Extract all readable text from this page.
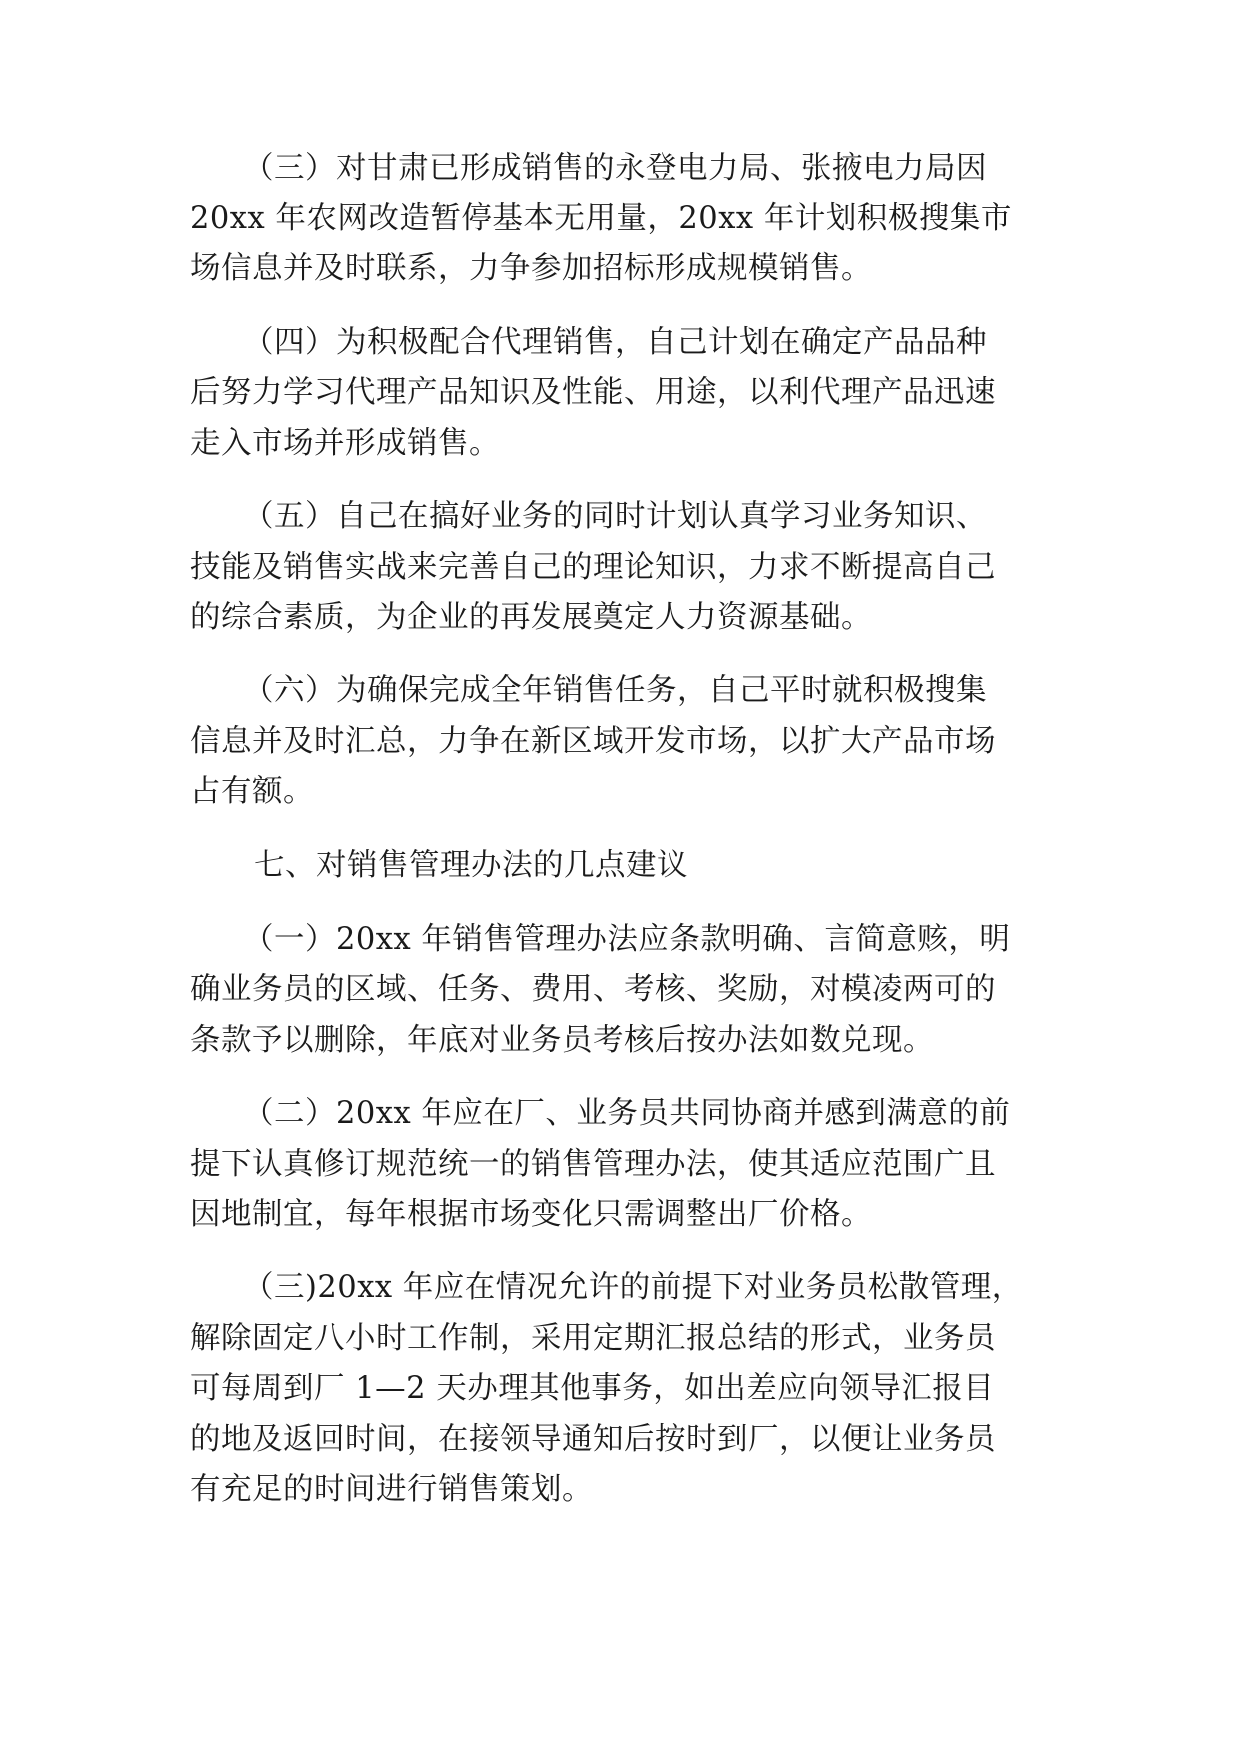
（三）对甘肃已形成销售的永登电力局、张掖电力局因

20xx 年农网改造暂停基本无用量，20xx 年计划积极搜集市

场信息并及时联系，力争参加招标形成规模销售。

（四）为积极配合代理销售，自己计划在确定产品品种

后努力学习代理产品知识及性能、用途，以利代理产品迅速

走入市场并形成销售。

（五）自己在搞好业务的同时计划认真学习业务知识、

技能及销售实战来完善自己的理论知识，力求不断提高自己

的综合素质，为企业的再发展奠定人力资源基础。

（六）为确保完成全年销售任务，自己平时就积极搜集

信息并及时汇总，力争在新区域开发市场，以扩大产品市场

占有额。

七、对销售管理办法的几点建议

（一）20xx 年销售管理办法应条款明确、言简意赅，明

确业务员的区域、任务、费用、考核、奖励，对模凌两可的

条款予以删除，年底对业务员考核后按办法如数兑现。

（二）20xx 年应在厂、业务员共同协商并感到满意的前

提下认真修订规范统一的销售管理办法，使其适应范围广且

因地制宜，每年根据市场变化只需调整出厂价格。

（三)20xx 年应在情况允许的前提下对业务员松散管理，

解除固定八小时工作制，采用定期汇报总结的形式，业务员

可每周到厂 1—2 天办理其他事务，如出差应向领导汇报目

的地及返回时间，在接领导通知后按时到厂，以便让业务员

有充足的时间进行销售策划。
